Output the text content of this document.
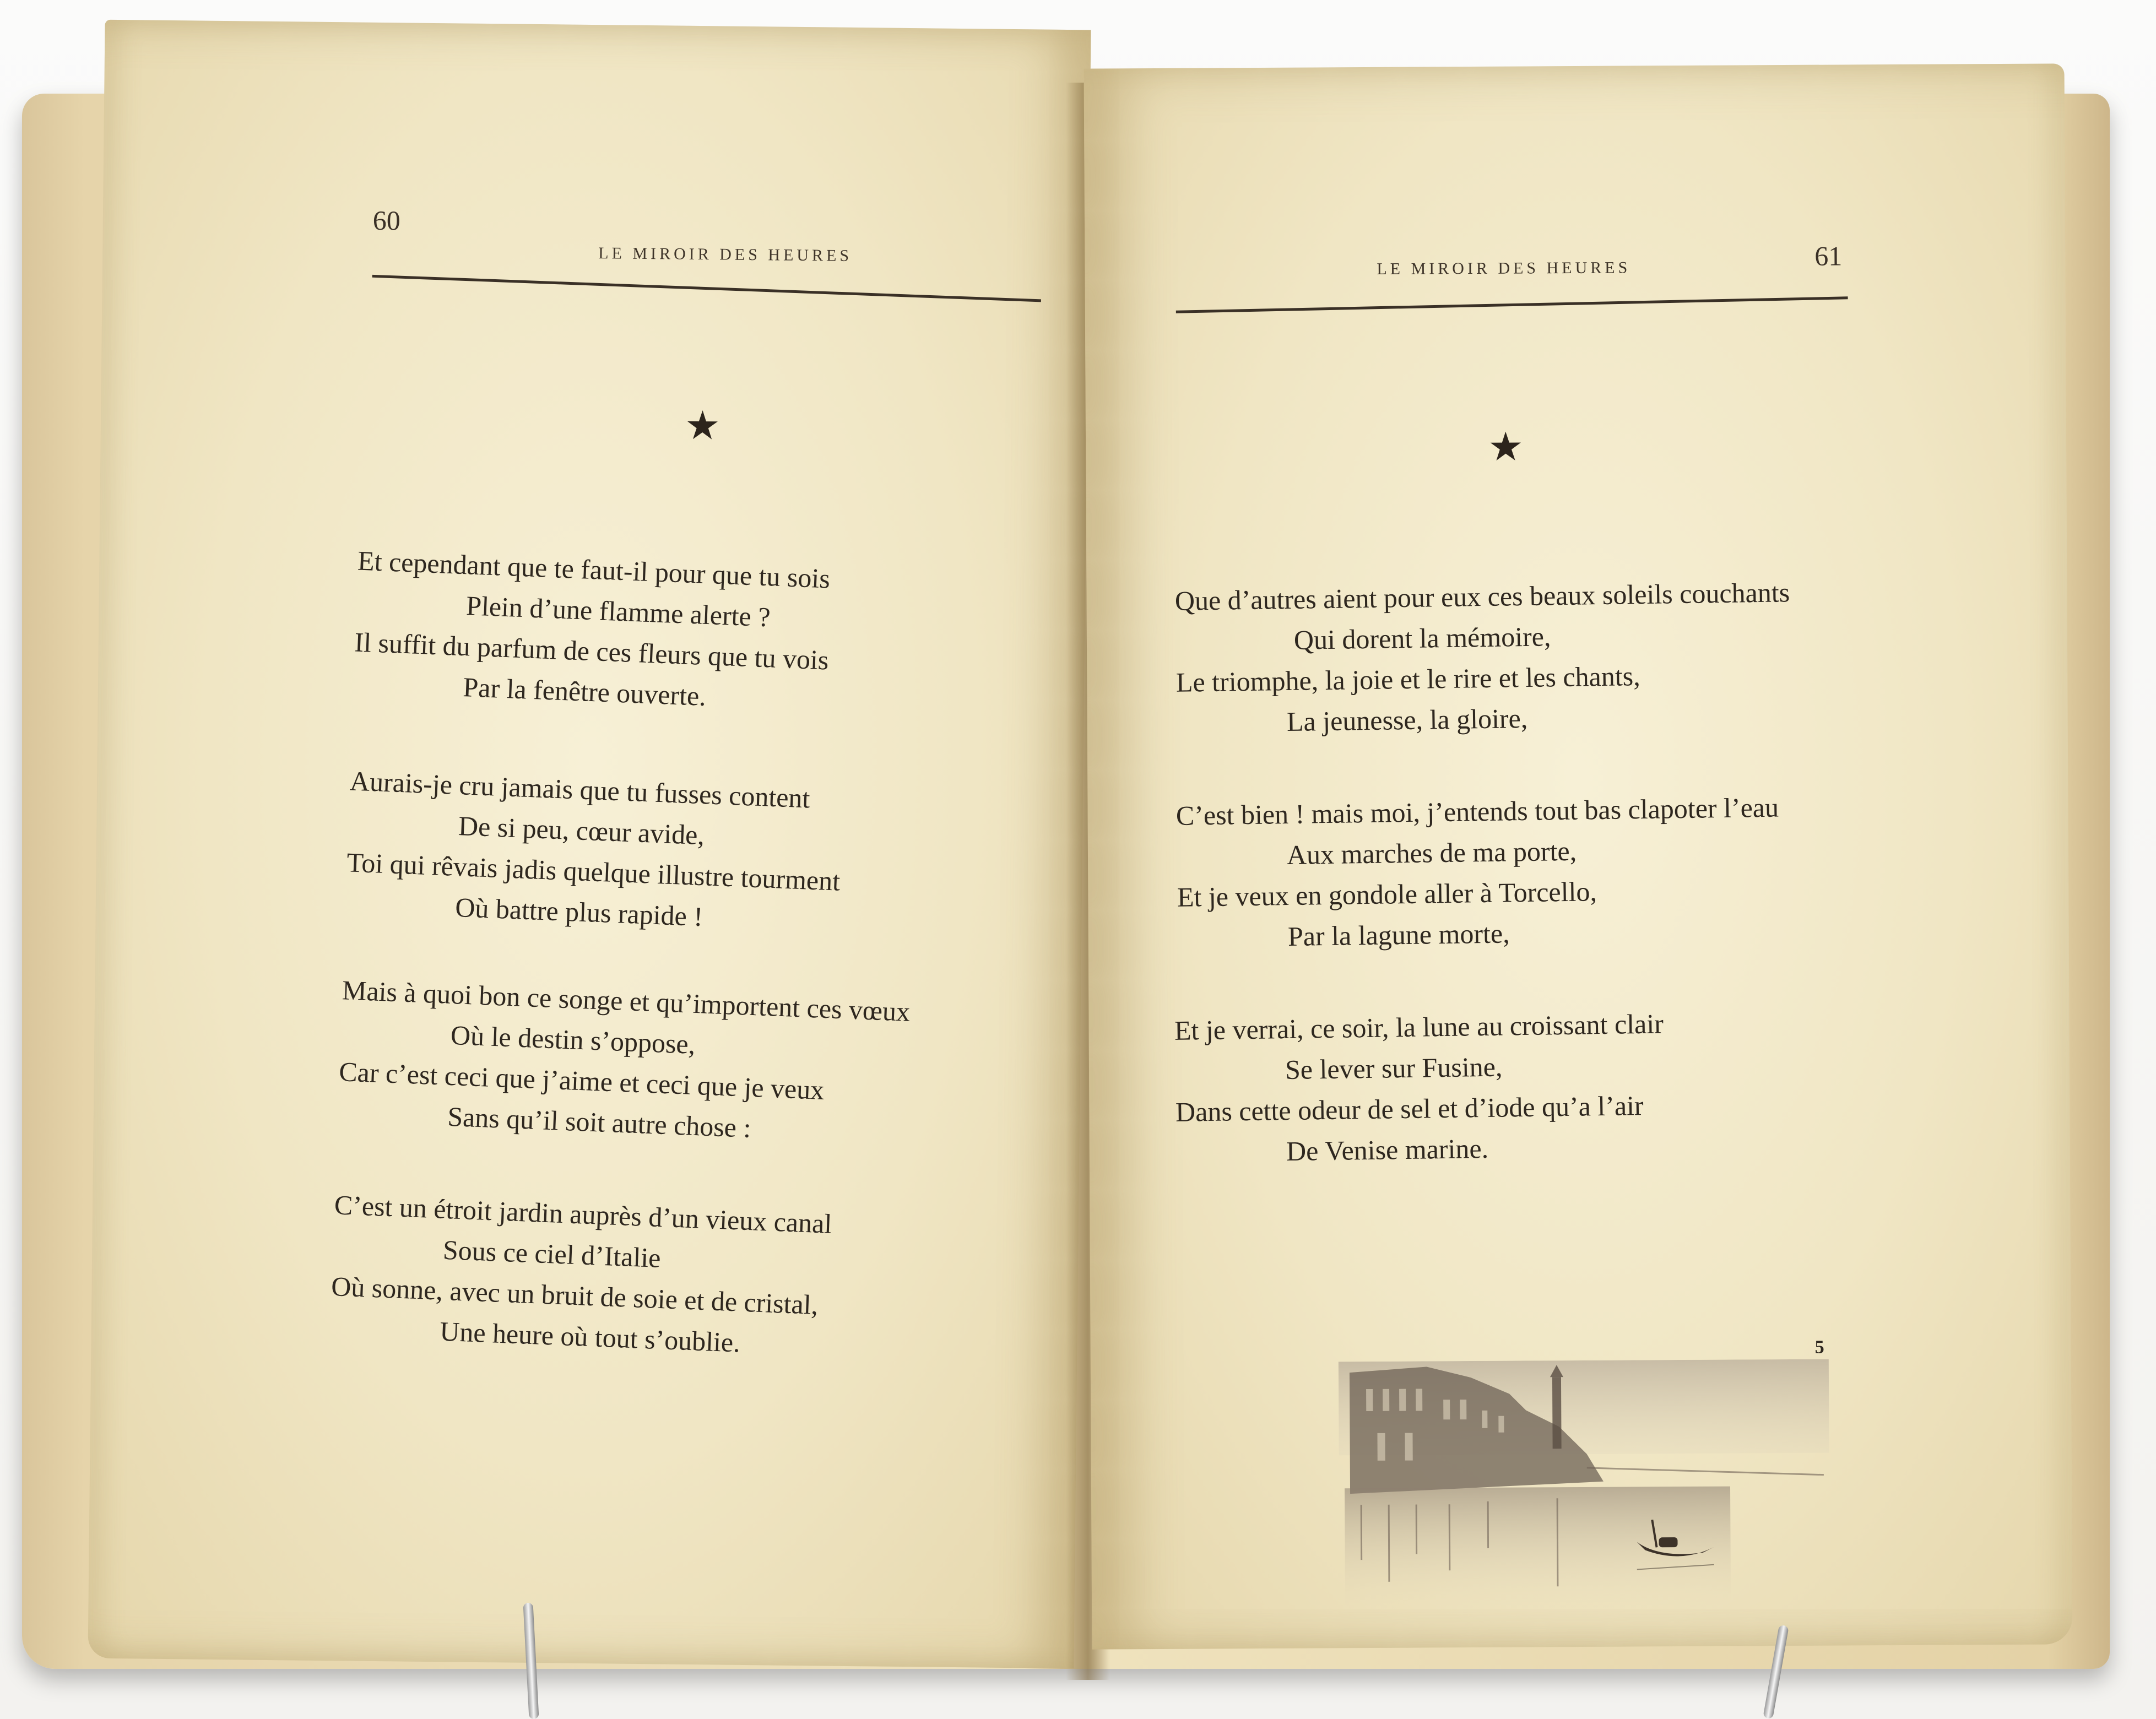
60
LE MIROIR DES HEURES
★
Et cependant que te faut-il pour que tu sois
Plein d’une flamme alerte ?
Il suffit du parfum de ces fleurs que tu vois
Par la fenêtre ouverte.
Aurais-je cru jamais que tu fusses content
De si peu, cœur avide,
Toi qui rêvais jadis quelque illustre tourment
Où battre plus rapide !
Mais à quoi bon ce songe et qu’importent ces vœux
Où le destin s’oppose,
Car c’est ceci que j’aime et ceci que je veux
Sans qu’il soit autre chose :
C’est un étroit jardin auprès d’un vieux canal
Sous ce ciel d’Italie
Où sonne, avec un bruit de soie et de cristal,
Une heure où tout s’oublie.
LE MIROIR DES HEURES	61
★
Que d’autres aient pour eux ces beaux soleils couchants
Qui dorent la mémoire,
Le triomphe, la joie et le rire et les chants,
La jeunesse, la gloire,
C’est bien ! mais moi, j’entends tout bas clapoter l’eau
Aux marches de ma porte,
Et je veux en gondole aller à Torcello,
Par la lagune morte,
Et je verrai, ce soir, la lune au croissant clair
Se lever sur Fusine,
Dans cette odeur de sel et d’iode qu’a l’air
De Venise marine.
5
